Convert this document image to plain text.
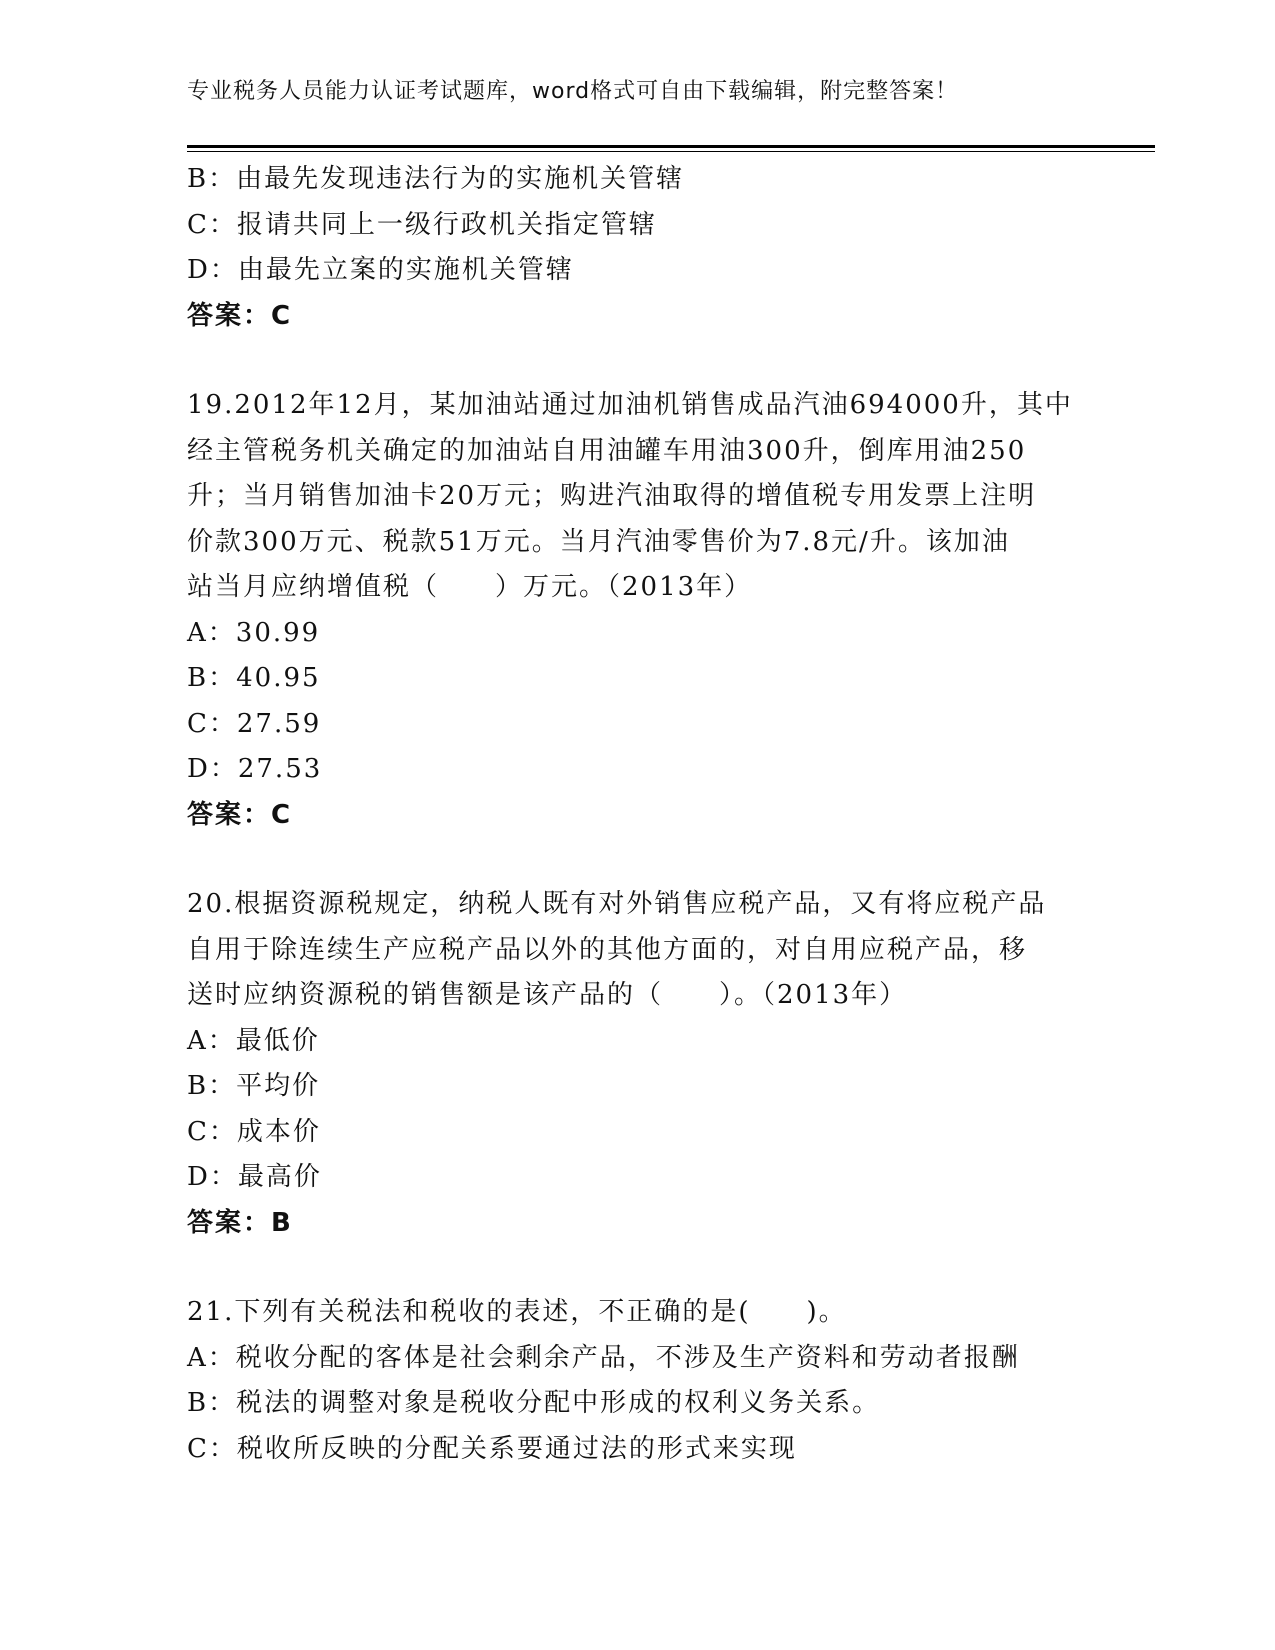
专业税务人员能力认证考试题库，word格式可自由下载编辑，附完整答案！
B：由最先发现违法行为的实施机关管辖
C：报请共同上一级行政机关指定管辖
D：由最先立案的实施机关管辖
答案：C
19.2012年12月，某加油站通过加油机销售成品汽油694000升，其中
经主管税务机关确定的加油站自用油罐车用油300升，倒库用油250
升；当月销售加油卡20万元；购进汽油取得的增值税专用发票上注明
价款300万元、税款51万元。当月汽油零售价为7.8元/升。该加油
站当月应纳增值税（　　）万元。（2013年）
A：30.99
B：40.95
C：27.59
D：27.53
答案：C
20.根据资源税规定，纳税人既有对外销售应税产品，又有将应税产品
自用于除连续生产应税产品以外的其他方面的，对自用应税产品，移
送时应纳资源税的销售额是该产品的（　　）。（2013年）
A：最低价
B：平均价
C：成本价
D：最高价
答案：B
21.下列有关税法和税收的表述，不正确的是(　　)。
A：税收分配的客体是社会剩余产品，不涉及生产资料和劳动者报酬
B：税法的调整对象是税收分配中形成的权利义务关系。
C：税收所反映的分配关系要通过法的形式来实现
